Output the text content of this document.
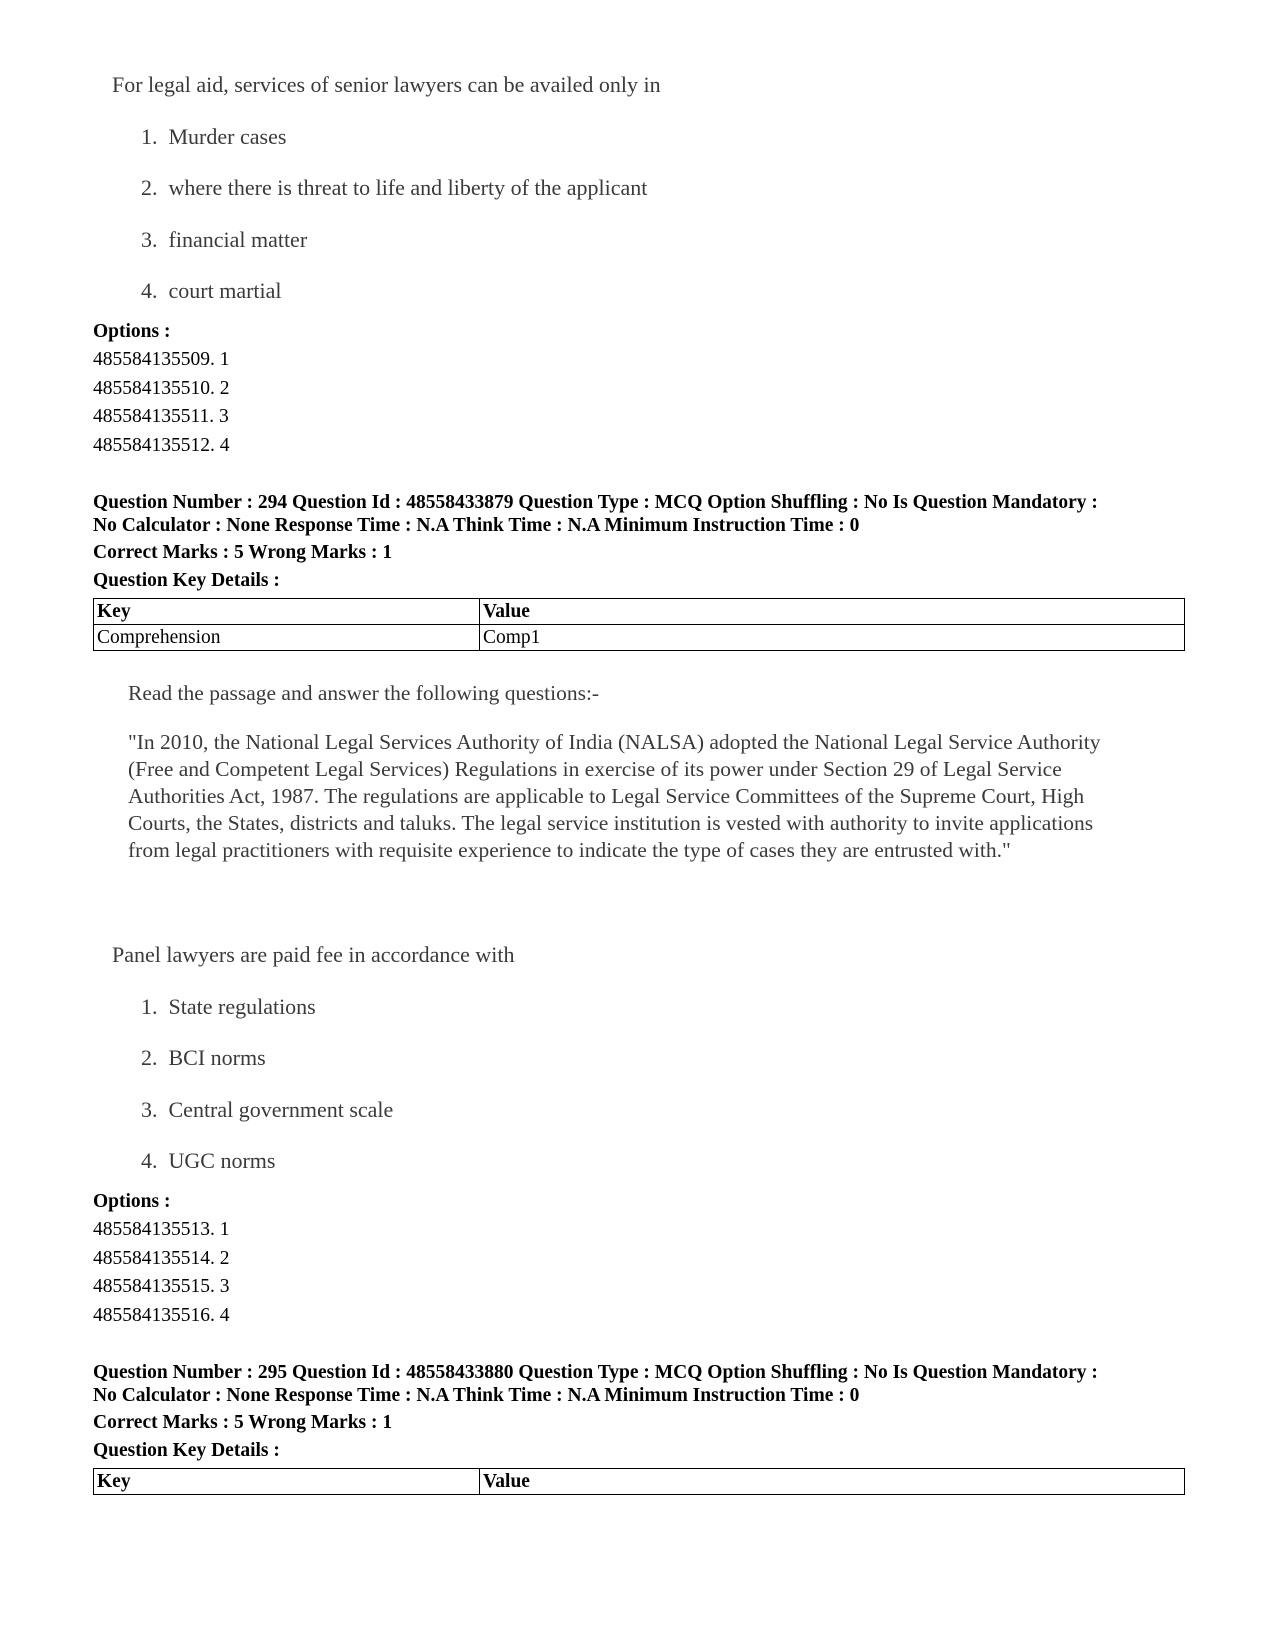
For legal aid, services of senior lawyers can be availed only in
1. Murder cases
2. where there is threat to life and liberty of the applicant
3. financial matter
4. court martial
Options :
485584135509. 1
485584135510. 2
485584135511. 3
485584135512. 4
Question Number : 294 Question Id : 48558433879 Question Type : MCQ Option Shuffling : No Is Question Mandatory :
No Calculator : None Response Time : N.A Think Time : N.A Minimum Instruction Time : 0
Correct Marks : 5 Wrong Marks : 1
Question Key Details :
Key	Value
Comprehension	Comp1
Read the passage and answer the following questions:-
"In 2010, the National Legal Services Authority of India (NALSA) adopted the National Legal Service Authority (Free and Competent Legal Services) Regulations in exercise of its power under Section 29 of Legal Service Authorities Act, 1987. The regulations are applicable to Legal Service Committees of the Supreme Court, High Courts, the States, districts and taluks. The legal service institution is vested with authority to invite applications from legal practitioners with requisite experience to indicate the type of cases they are entrusted with."
Panel lawyers are paid fee in accordance with
1. State regulations
2. BCI norms
3. Central government scale
4. UGC norms
Options :
485584135513. 1
485584135514. 2
485584135515. 3
485584135516. 4
Question Number : 295 Question Id : 48558433880 Question Type : MCQ Option Shuffling : No Is Question Mandatory :
No Calculator : None Response Time : N.A Think Time : N.A Minimum Instruction Time : 0
Correct Marks : 5 Wrong Marks : 1
Question Key Details :
Key	Value
